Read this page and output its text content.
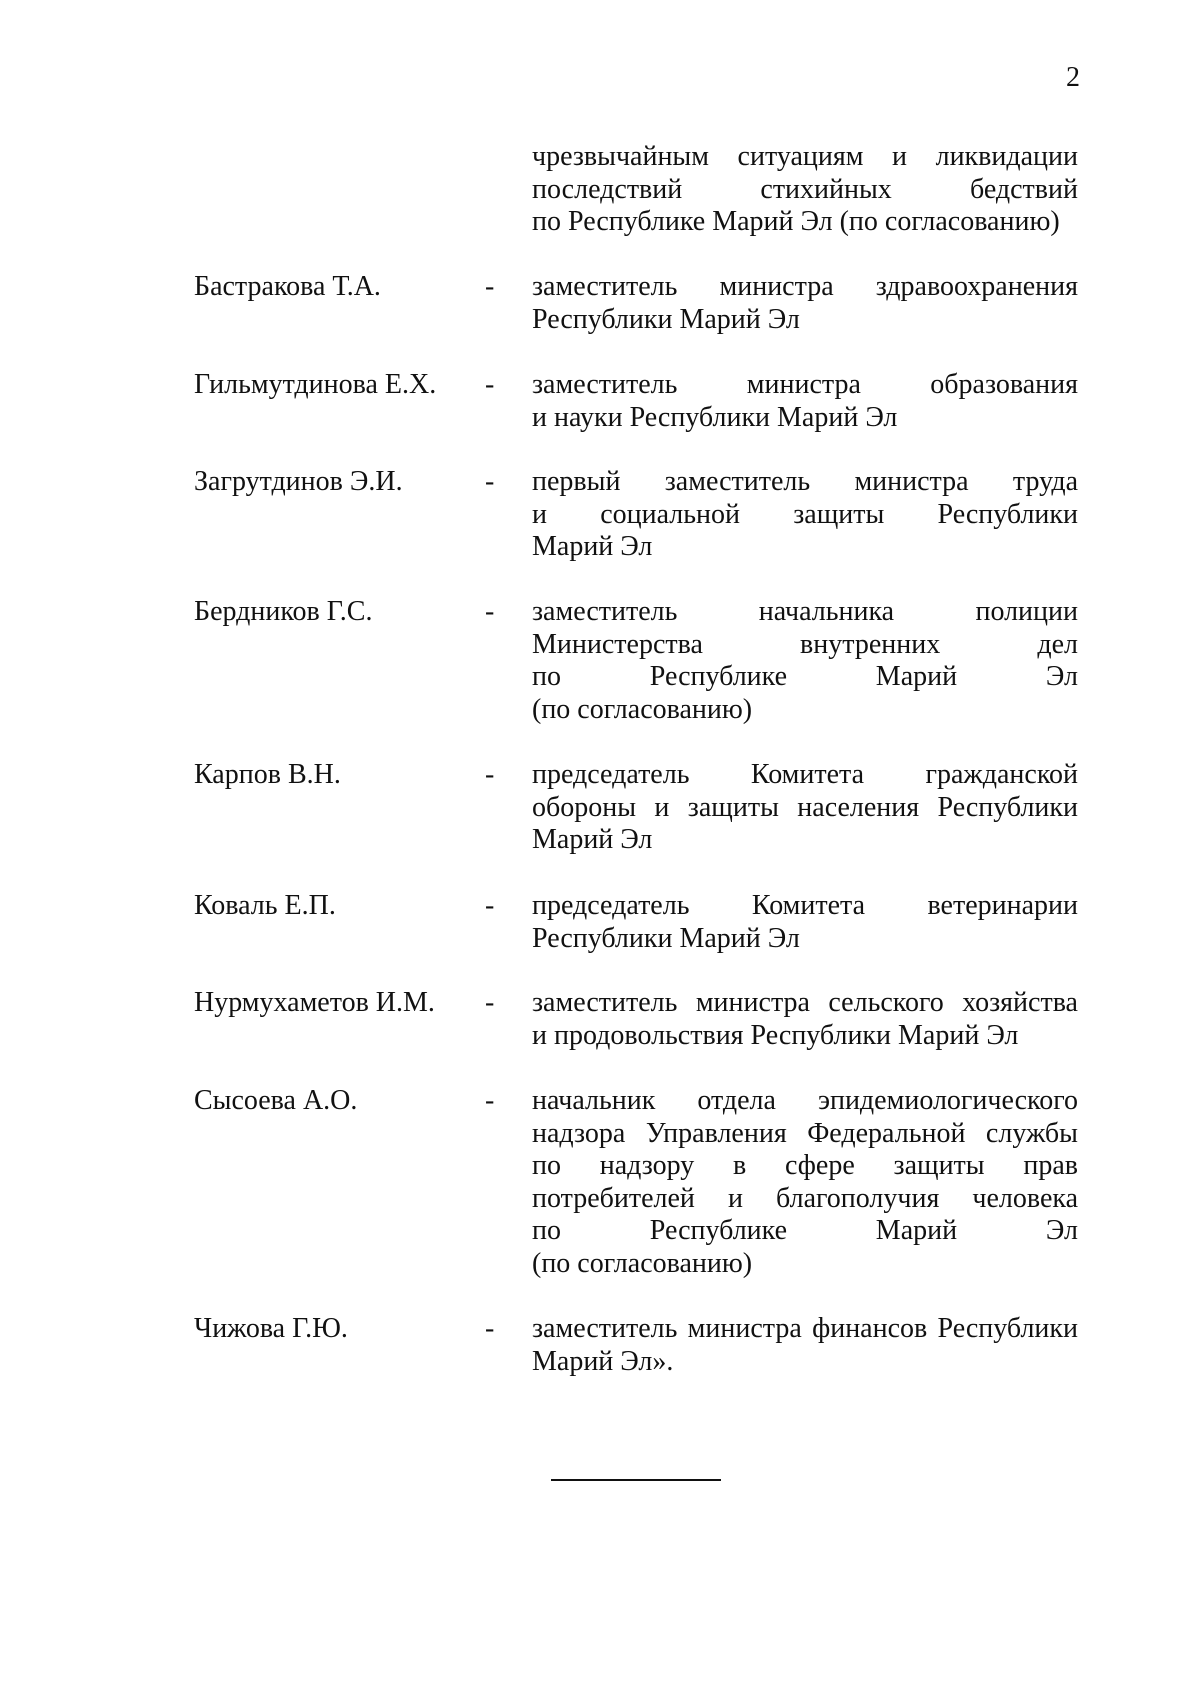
2
чрезвычайным ситуациям и ликвидации
последствий стихийных бедствий
по Республике Марий Эл (по согласованию)
Бастракова Т.А.	- заместитель министра здравоохранения
Республики Марий Эл
Гильмутдинова Е.Х. - заместитель министра образования
и науки Республики Марий Эл
Загрутдинов Э.И.	- первый заместитель министра труда
и социальной защиты Республики
Марий Эл
Бердников Г.С.	- заместитель начальника полиции
Министерства внутренних дел
по Республике Марий Эл
(по согласованию)
Карпов В.Н.	- председатель Комитета гражданской
обороны и защиты населения Республики
Марий Эл
Коваль Е.П.	- председатель Комитета ветеринарии
Республики Марий Эл
Нурмухаметов И.М. - заместитель министра сельского хозяйства
и продовольствия Республики Марий Эл
Сысоева А.О.	- начальник отдела эпидемиологического
надзора Управления Федеральной службы
по надзору в сфере защиты прав
потребителей и благополучия человека
по Республике Марий Эл
(по согласованию)
Чижова Г.Ю.	- заместитель министра финансов Республики
Марий Эл».
